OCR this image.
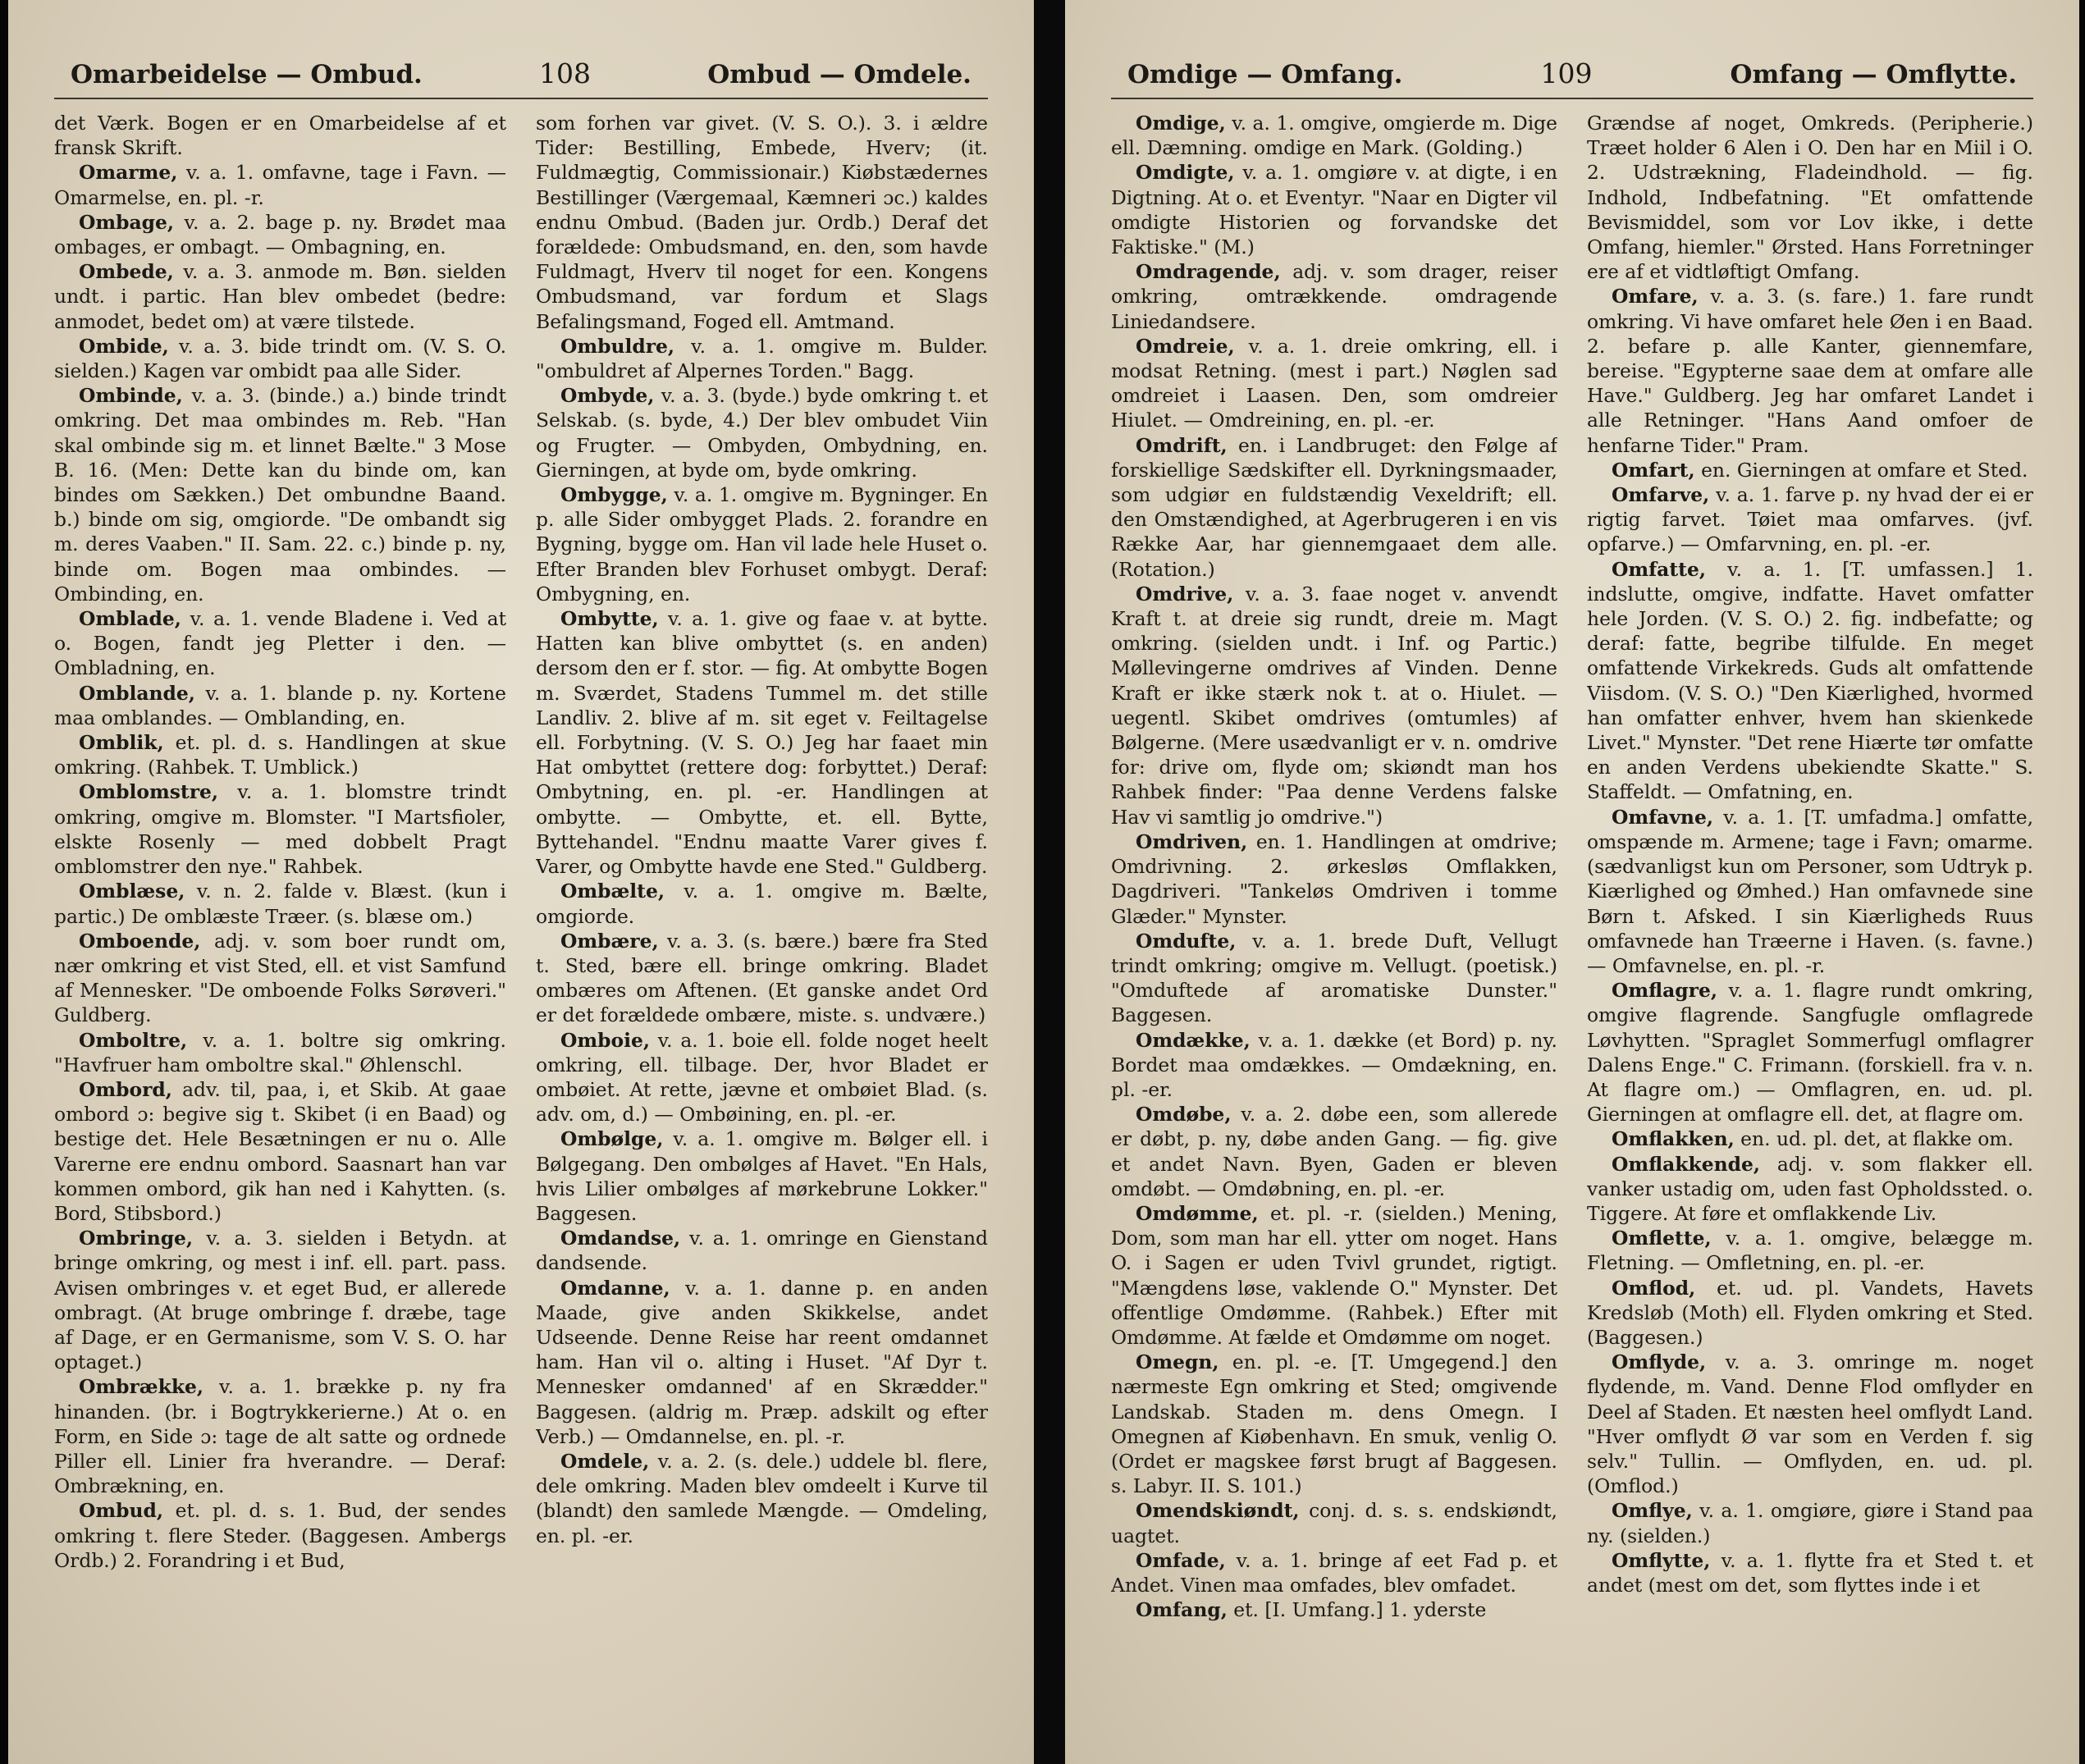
Omarbeidelse — Ombud.	108	Ombud — Omdele.

det Værk. Bogen er en Omarbeidelse af et fransk Skrift.

Omarme, v. a. 1. omfavne, tage i Favn. — Omarmelse, en. pl. -r.

Ombage, v. a. 2. bage p. ny. Brødet maa ombages, er ombagt. — Ombagning, en.

Ombede, v. a. 3. anmode m. Bøn. sielden undt. i partic. Han blev ombedet (bedre: anmodet, bedet om) at være tilstede.

Ombide, v. a. 3. bide trindt om. (V. S. O. sielden.) Kagen var ombidt paa alle Sider.

Ombinde, v. a. 3. (binde.) a.) binde trindt omkring. Det maa ombindes m. Reb. "Han skal ombinde sig m. et linnet Bælte." 3 Mose B. 16. (Men: Dette kan du binde om, kan bindes om Sækken.) Det ombundne Baand. b.) binde om sig, omgiorde. "De ombandt sig m. deres Vaaben." II. Sam. 22. c.) binde p. ny, binde om. Bogen maa ombindes. — Ombinding, en.

Omblade, v. a. 1. vende Bladene i. Ved at o. Bogen, fandt jeg Pletter i den. — Ombladning, en.

Omblande, v. a. 1. blande p. ny. Kortene maa omblandes. — Omblanding, en.

Omblik, et. pl. d. s. Handlingen at skue omkring. (Rahbek. T. Umblick.)

Omblomstre, v. a. 1. blomstre trindt omkring, omgive m. Blomster. "I Martsfioler, elskte Rosenly — med dobbelt Pragt omblomstrer den nye." Rahbek.

Omblæse, v. n. 2. falde v. Blæst. (kun i partic.) De omblæste Træer. (s. blæse om.)

Omboende, adj. v. som boer rundt om, nær omkring et vist Sted, ell. et vist Samfund af Mennesker. "De omboende Folks Sørøveri." Guldberg.

Omboltre, v. a. 1. boltre sig omkring. "Havfruer ham omboltre skal." Øhlenschl.

Ombord, adv. til, paa, i, et Skib. At gaae ombord ɔ: begive sig t. Skibet (i en Baad) og bestige det. Hele Besætningen er nu o. Alle Varerne ere endnu ombord. Saasnart han var kommen ombord, gik han ned i Kahytten. (s. Bord, Stibsbord.)

Ombringe, v. a. 3. sielden i Betydn. at bringe omkring, og mest i inf. ell. part. pass. Avisen ombringes v. et eget Bud, er allerede ombragt. (At bruge ombringe f. dræbe, tage af Dage, er en Germanisme, som V. S. O. har optaget.)

Ombrække, v. a. 1. brække p. ny fra hinanden. (br. i Bogtrykkerierne.) At o. en Form, en Side ɔ: tage de alt satte og ordnede Piller ell. Linier fra hverandre. — Deraf: Ombrækning, en.

Ombud, et. pl. d. s. 1. Bud, der sendes omkring t. flere Steder. (Baggesen. Ambergs Ordb.) 2. Forandring i et Bud,

som forhen var givet. (V. S. O.). 3. i ældre Tider: Bestilling, Embede, Hverv; (it. Fuldmægtig, Commissionair.) Kiøbstædernes Bestillinger (Værgemaal, Kæmneri ɔc.) kaldes endnu Ombud. (Baden jur. Ordb.) Deraf det forældede: Ombudsmand, en. den, som havde Fuldmagt, Hverv til noget for een. Kongens Ombudsmand, var fordum et Slags Befalingsmand, Foged ell. Amtmand.

Ombuldre, v. a. 1. omgive m. Bulder. "ombuldret af Alpernes Torden." Bagg.

Ombyde, v. a. 3. (byde.) byde omkring t. et Selskab. (s. byde, 4.) Der blev ombudet Viin og Frugter. — Ombyden, Ombydning, en. Gierningen, at byde om, byde omkring.

Ombygge, v. a. 1. omgive m. Bygninger. En p. alle Sider ombygget Plads. 2. forandre en Bygning, bygge om. Han vil lade hele Huset o. Efter Branden blev Forhuset ombygt. Deraf: Ombygning, en.

Ombytte, v. a. 1. give og faae v. at bytte. Hatten kan blive ombyttet (s. en anden) dersom den er f. stor. — fig. At ombytte Bogen m. Sværdet, Stadens Tummel m. det stille Landliv. 2. blive af m. sit eget v. Feiltagelse ell. Forbytning. (V. S. O.) Jeg har faaet min Hat ombyttet (rettere dog: forbyttet.) Deraf: Ombytning, en. pl. -er. Handlingen at ombytte. — Ombytte, et. ell. Bytte, Byttehandel. "Endnu maatte Varer gives f. Varer, og Ombytte havde ene Sted." Guldberg.

Ombælte, v. a. 1. omgive m. Bælte, omgiorde.

Ombære, v. a. 3. (s. bære.) bære fra Sted t. Sted, bære ell. bringe omkring. Bladet ombæres om Aftenen. (Et ganske andet Ord er det forældede ombære, miste. s. undvære.)

Omboie, v. a. 1. boie ell. folde noget heelt omkring, ell. tilbage. Der, hvor Bladet er ombøiet. At rette, jævne et ombøiet Blad. (s. adv. om, d.) — Ombøining, en. pl. -er.

Ombølge, v. a. 1. omgive m. Bølger ell. i Bølgegang. Den ombølges af Havet. "En Hals, hvis Lilier ombølges af mørkebrune Lokker." Baggesen.

Omdandse, v. a. 1. omringe en Gienstand dandsende.

Omdanne, v. a. 1. danne p. en anden Maade, give anden Skikkelse, andet Udseende. Denne Reise har reent omdannet ham. Han vil o. alting i Huset. "Af Dyr t. Mennesker omdanned' af en Skrædder." Baggesen. (aldrig m. Præp. adskilt og efter Verb.) — Omdannelse, en. pl. -r.

Omdele, v. a. 2. (s. dele.) uddele bl. flere, dele omkring. Maden blev omdeelt i Kurve til (blandt) den samlede Mængde. — Omdeling, en. pl. -er.

Omdige — Omfang.	109	Omfang — Omflytte.

Omdige, v. a. 1. omgive, omgierde m. Dige ell. Dæmning. omdige en Mark. (Golding.)

Omdigte, v. a. 1. omgiøre v. at digte, i en Digtning. At o. et Eventyr. "Naar en Digter vil omdigte Historien og forvandske det Faktiske." (M.)

Omdragende, adj. v. som drager, reiser omkring, omtrækkende. omdragende Liniedandsere.

Omdreie, v. a. 1. dreie omkring, ell. i modsat Retning. (mest i part.) Nøglen sad omdreiet i Laasen. Den, som omdreier Hiulet. — Omdreining, en. pl. -er.

Omdrift, en. i Landbruget: den Følge af forskiellige Sædskifter ell. Dyrkningsmaader, som udgiør en fuldstændig Vexeldrift; ell. den Omstændighed, at Agerbrugeren i en vis Række Aar, har giennemgaaet dem alle. (Rotation.)

Omdrive, v. a. 3. faae noget v. anvendt Kraft t. at dreie sig rundt, dreie m. Magt omkring. (sielden undt. i Inf. og Partic.) Møllevingerne omdrives af Vinden. Denne Kraft er ikke stærk nok t. at o. Hiulet. — uegentl. Skibet omdrives (omtumles) af Bølgerne. (Mere usædvanligt er v. n. omdrive for: drive om, flyde om; skiøndt man hos Rahbek finder: "Paa denne Verdens falske Hav vi samtlig jo omdrive.")

Omdriven, en. 1. Handlingen at omdrive; Omdrivning. 2. ørkesløs Omflakken, Dagdriveri. "Tankeløs Omdriven i tomme Glæder." Mynster.

Omdufte, v. a. 1. brede Duft, Vellugt trindt omkring; omgive m. Vellugt. (poetisk.) "Omduftede af aromatiske Dunster." Baggesen.

Omdække, v. a. 1. dække (et Bord) p. ny. Bordet maa omdækkes. — Omdækning, en. pl. -er.

Omdøbe, v. a. 2. døbe een, som allerede er døbt, p. ny, døbe anden Gang. — fig. give et andet Navn. Byen, Gaden er bleven omdøbt. — Omdøbning, en. pl. -er.

Omdømme, et. pl. -r. (sielden.) Mening, Dom, som man har ell. ytter om noget. Hans O. i Sagen er uden Tvivl grundet, rigtigt. "Mængdens løse, vaklende O." Mynster. Det offentlige Omdømme. (Rahbek.) Efter mit Omdømme. At fælde et Omdømme om noget.

Omegn, en. pl. -e. [T. Umgegend.] den nærmeste Egn omkring et Sted; omgivende Landskab. Staden m. dens Omegn. I Omegnen af Kiøbenhavn. En smuk, venlig O. (Ordet er magskee først brugt af Baggesen. s. Labyr. II. S. 101.)

Omendskiøndt, conj. d. s. s. endskiøndt, uagtet.

Omfade, v. a. 1. bringe af eet Fad p. et Andet. Vinen maa omfades, blev omfadet.

Omfang, et. [I. Umfang.] 1. yderste

Grændse af noget, Omkreds. (Peripherie.) Træet holder 6 Alen i O. Den har en Miil i O. 2. Udstrækning, Fladeindhold. — fig. Indhold, Indbefatning. "Et omfattende Bevismiddel, som vor Lov ikke, i dette Omfang, hiemler." Ørsted. Hans Forretninger ere af et vidtløftigt Omfang.

Omfare, v. a. 3. (s. fare.) 1. fare rundt omkring. Vi have omfaret hele Øen i en Baad. 2. befare p. alle Kanter, giennemfare, bereise. "Egypterne saae dem at omfare alle Have." Guldberg. Jeg har omfaret Landet i alle Retninger. "Hans Aand omfoer de henfarne Tider." Pram.

Omfart, en. Gierningen at omfare et Sted.

Omfarve, v. a. 1. farve p. ny hvad der ei er rigtig farvet. Tøiet maa omfarves. (jvf. opfarve.) — Omfarvning, en. pl. -er.

Omfatte, v. a. 1. [T. umfassen.] 1. indslutte, omgive, indfatte. Havet omfatter hele Jorden. (V. S. O.) 2. fig. indbefatte; og deraf: fatte, begribe tilfulde. En meget omfattende Virkekreds. Guds alt omfattende Viisdom. (V. S. O.) "Den Kiærlighed, hvormed han omfatter enhver, hvem han skienkede Livet." Mynster. "Det rene Hiærte tør omfatte en anden Verdens ubekiendte Skatte." S. Staffeldt. — Omfatning, en.

Omfavne, v. a. 1. [T. umfadma.] omfatte, omspænde m. Armene; tage i Favn; omarme. (sædvanligst kun om Personer, som Udtryk p. Kiærlighed og Ømhed.) Han omfavnede sine Børn t. Afsked. I sin Kiærligheds Ruus omfavnede han Træerne i Haven. (s. favne.) — Omfavnelse, en. pl. -r.

Omflagre, v. a. 1. flagre rundt omkring, omgive flagrende. Sangfugle omflagrede Løvhytten. "Spraglet Sommerfugl omflagrer Dalens Enge." C. Frimann. (forskiell. fra v. n. At flagre om.) — Omflagren, en. ud. pl. Gierningen at omflagre ell. det, at flagre om.

Omflakken, en. ud. pl. det, at flakke om.

Omflakkende, adj. v. som flakker ell. vanker ustadig om, uden fast Opholdssted. o. Tiggere. At føre et omflakkende Liv.

Omflette, v. a. 1. omgive, belægge m. Fletning. — Omfletning, en. pl. -er.

Omflod, et. ud. pl. Vandets, Havets Kredsløb (Moth) ell. Flyden omkring et Sted. (Baggesen.)

Omflyde, v. a. 3. omringe m. noget flydende, m. Vand. Denne Flod omflyder en Deel af Staden. Et næsten heel omflydt Land. "Hver omflydt Ø var som en Verden f. sig selv." Tullin. — Omflyden, en. ud. pl. (Omflod.)

Omflye, v. a. 1. omgiøre, giøre i Stand paa ny. (sielden.)

Omflytte, v. a. 1. flytte fra et Sted t. et andet (mest om det, som flyttes inde i et
